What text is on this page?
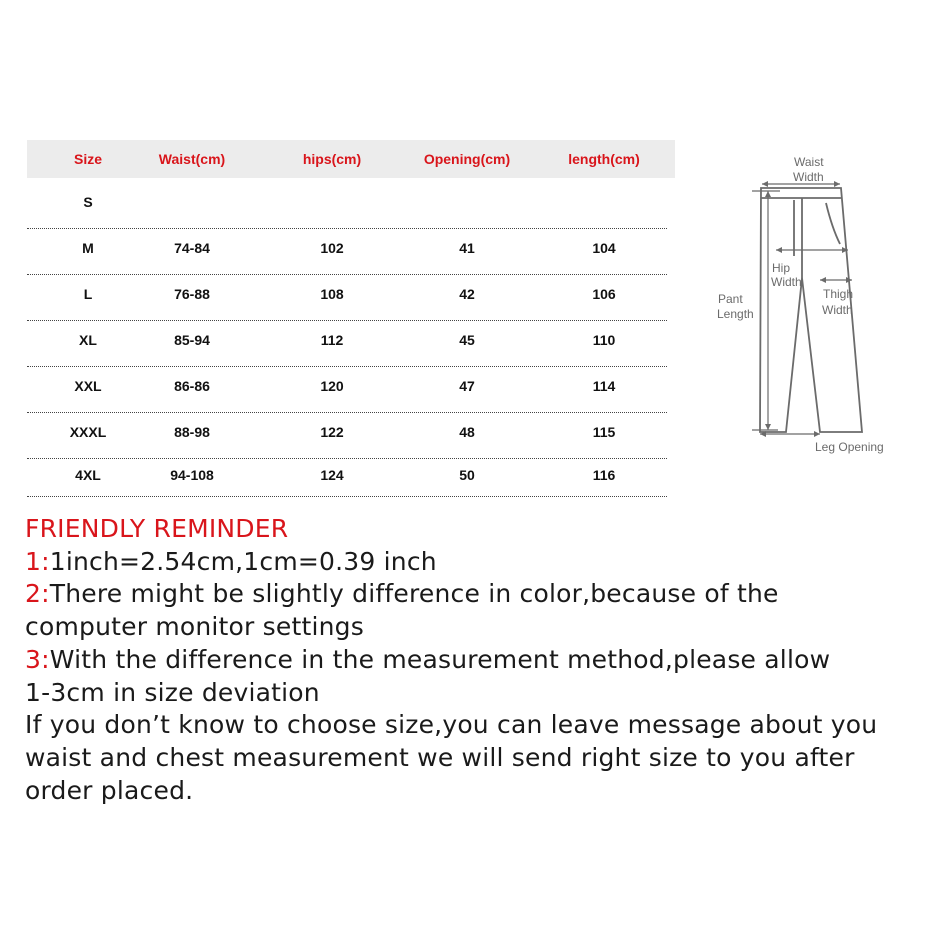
Size	Waist(cm)	hips(cm)	Opening(cm)	length(cm)
S
M	74-84	102	41	104
L	76-88	108	42	106
XL	85-94	112	45	110
XXL	86-86	120	47	114
XXXL	88-98	122	48	115
4XL	94-108	124	50	116
Waist
Width
Hip
Width
Pant
Length
Thigh
Width
Leg Opening
FRIENDLY REMINDER
1:1inch=2.54cm,1cm=0.39 inch
2:There might be slightly difference in color,because of the
computer monitor settings
3:With the difference in the measurement method,please allow
1-3cm in size deviation
If you don’t know to choose size,you can leave message about you
waist and chest measurement we will send right size to you after
order placed.
